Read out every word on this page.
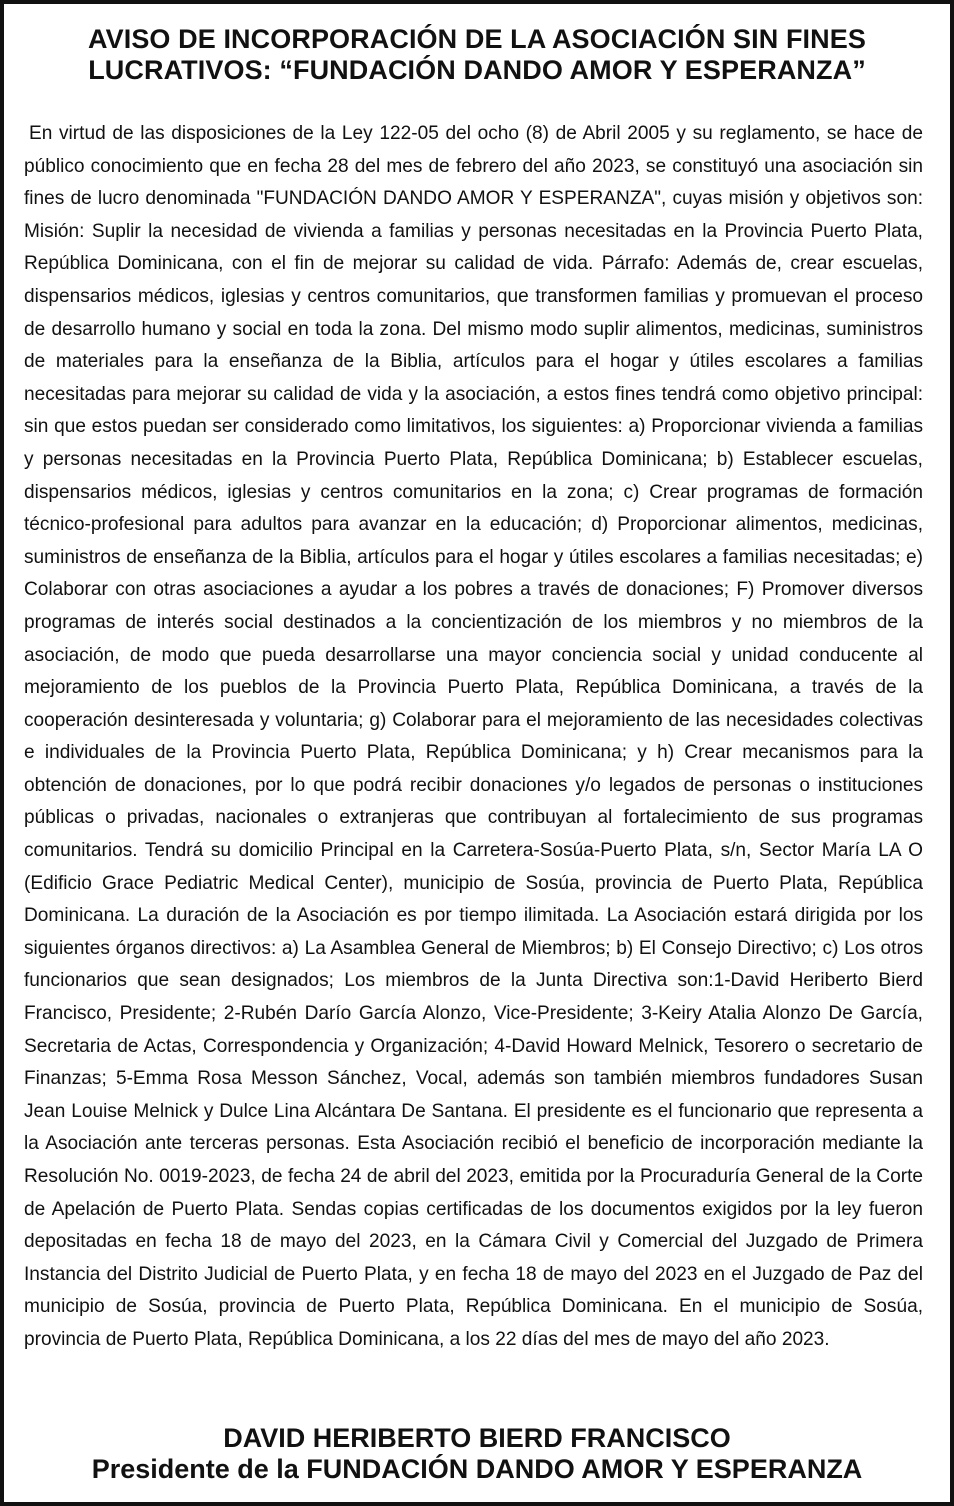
AVISO DE INCORPORACIÓN DE LA ASOCIACIÓN SIN FINES
LUCRATIVOS: “FUNDACIÓN DANDO AMOR Y ESPERANZA”

En virtud de las disposiciones de la Ley 122-05 del ocho (8) de Abril 2005 y su reglamento, se hace de público conocimiento que en fecha 28 del mes de febrero del año 2023, se constituyó una asociación sin fines de lucro denominada "FUNDACIÓN DANDO AMOR Y ESPERANZA", cuyas misión y objetivos son: Misión: Suplir la necesidad de vivienda a familias y personas necesitadas en la Provincia Puerto Plata, República Dominicana, con el fin de mejorar su calidad de vida. Párrafo: Además de, crear escuelas, dispensarios médicos, iglesias y centros comunitarios, que transformen familias y promuevan el proceso de desarrollo humano y social en toda la zona. Del mismo modo suplir alimentos, medicinas, suministros de materiales para la enseñanza de la Biblia, artículos para el hogar y útiles escolares a familias necesitadas para mejorar su calidad de vida y la asociación, a estos fines tendrá como objetivo principal: sin que estos puedan ser considerado como limitativos, los siguientes: a) Proporcionar vivienda a familias y personas necesitadas en la Provincia Puerto Plata, República Dominicana; b) Establecer escuelas, dispensarios médicos, iglesias y centros comunitarios en la zona; c) Crear programas de formación técnico-profesional para adultos para avanzar en la educación; d) Proporcionar alimentos, medicinas, suministros de enseñanza de la Biblia, artículos para el hogar y útiles escolares a familias necesitadas; e) Colaborar con otras asociaciones a ayudar a los pobres a través de donaciones; F) Promover diversos programas de interés social destinados a la concientización de los miembros y no miembros de la asociación, de modo que pueda desarrollarse una mayor conciencia social y unidad conducente al mejoramiento de los pueblos de la Provincia Puerto Plata, República Dominicana, a través de la cooperación desinteresada y voluntaria; g) Colaborar para el mejoramiento de las necesidades colectivas e individuales de la Provincia Puerto Plata, República Dominicana; y h) Crear mecanismos para la obtención de donaciones, por lo que podrá recibir donaciones y/o legados de personas o instituciones públicas o privadas, nacionales o extranjeras que contribuyan al fortalecimiento de sus programas comunitarios. Tendrá su domicilio Principal en la Carretera-Sosúa-Puerto Plata, s/n, Sector María LA O (Edificio Grace Pediatric Medical Center), municipio de Sosúa, provincia de Puerto Plata, República Dominicana. La duración de la Asociación es por tiempo ilimitada. La Asociación estará dirigida por los siguientes órganos directivos: a) La Asamblea General de Miembros; b) El Consejo Directivo; c) Los otros funcionarios que sean designados; Los miembros de la Junta Directiva son:1-David Heriberto Bierd Francisco, Presidente; 2-Rubén Darío García Alonzo, Vice-Presidente; 3-Keiry Atalia Alonzo De García, Secretaria de Actas, Correspondencia y Organización; 4-David Howard Melnick, Tesorero o secretario de Finanzas; 5-Emma Rosa Messon Sánchez, Vocal, además son también miembros fundadores Susan Jean Louise Melnick y Dulce Lina Alcántara De Santana. El presidente es el funcionario que representa a la Asociación ante terceras personas. Esta Asociación recibió el beneficio de incorporación mediante la Resolución No. 0019-2023, de fecha 24 de abril del 2023, emitida por la Procuraduría General de la Corte de Apelación de Puerto Plata. Sendas copias certificadas de los documentos exigidos por la ley fueron depositadas en fecha 18 de mayo del 2023, en la Cámara Civil y Comercial del Juzgado de Primera Instancia del Distrito Judicial de Puerto Plata, y en fecha 18 de mayo del 2023 en el Juzgado de Paz del municipio de Sosúa, provincia de Puerto Plata, República Dominicana. En el municipio de Sosúa, provincia de Puerto Plata, República Dominicana, a los 22 días del mes de mayo del año 2023.

DAVID HERIBERTO BIERD FRANCISCO
Presidente de la FUNDACIÓN DANDO AMOR Y ESPERANZA
